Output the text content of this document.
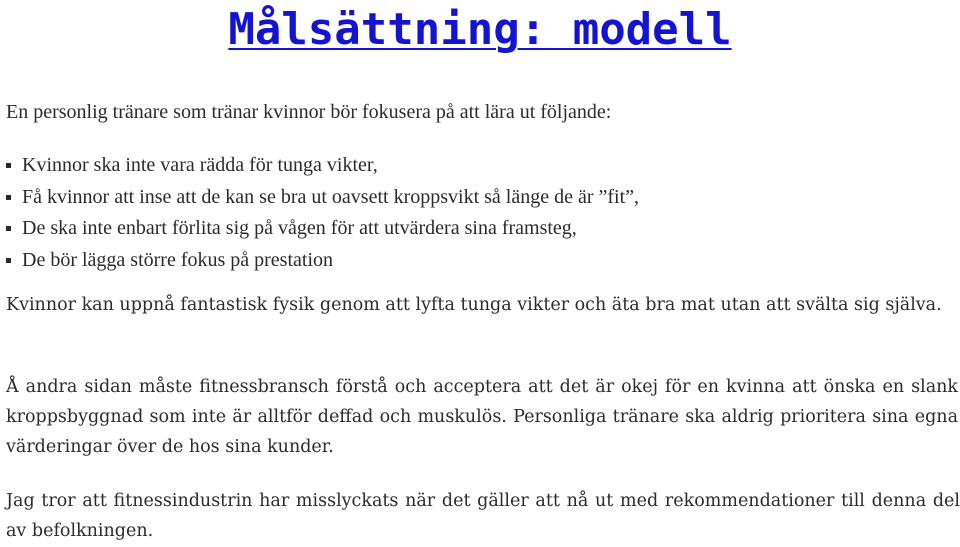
Målsättning: modell

En personlig tränare som tränar kvinnor bör fokusera på att lära ut följande:

Kvinnor ska inte vara rädda för tunga vikter,
Få kvinnor att inse att de kan se bra ut oavsett kroppsvikt så länge de är ”fit”,
De ska inte enbart förlita sig på vågen för att utvärdera sina framsteg,
De bör lägga större fokus på prestation

Kvinnor kan uppnå fantastisk fysik genom att lyfta tunga vikter och äta bra mat utan att svälta sig själva.

Å andra sidan måste fitnessbransch förstå och acceptera att det är okej för en kvinna att önska en slank kroppsbyggnad som inte är alltför deffad och muskulös. Personliga tränare ska aldrig prioritera sina egna värderingar över de hos sina kunder.

Jag tror att fitnessindustrin har misslyckats när det gäller att nå ut med rekommendationer till denna del av befolkningen.
